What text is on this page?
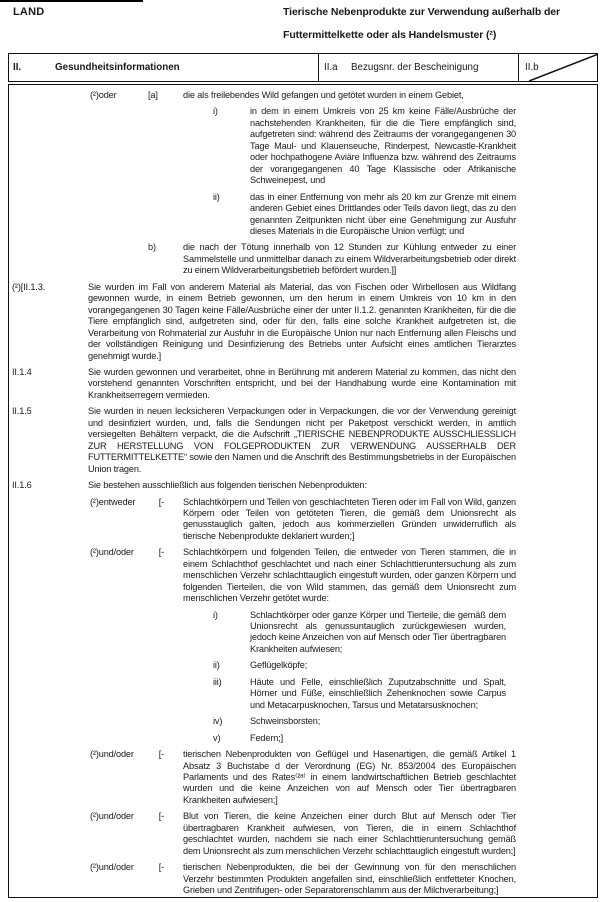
LAND	Tierische Nebenprodukte zur Verwendung außerhalb der
Futtermittelkette oder als Handelsmuster (²)
II.	Gesundheitsinformationen	II.a	Bezugsnr. der Bescheinigung	II.b
(²)oder	[a]	die als freilebendes Wild gefangen und getötet wurden in einem Gebiet,
i)	in dem in einem Umkreis von 25 km keine Fälle/Ausbrüche der nachstehenden Krankheiten, für die die Tiere empfänglich sind, aufgetreten sind: während des Zeitraums der vorangegangenen 30 Tage Maul- und Klauenseuche, Rinderpest, Newcastle-Krankheit oder hochpathogene Aviäre Influenza bzw. während des Zeitraums der vorangegangenen 40 Tage Klassische oder Afrikanische Schweinepest, und
ii)	das in einer Entfernung von mehr als 20 km zur Grenze mit einem anderen Gebiet eines Drittlandes oder Teils davon liegt, das zu den genannten Zeitpunkten nicht über eine Genehmigung zur Ausfuhr dieses Materials in die Europäische Union verfügt; und
b)	die nach der Tötung innerhalb von 12 Stunden zur Kühlung entweder zu einer Sammelstelle und unmittelbar danach zu einem Wildverarbeitungsbetrieb oder direkt zu einem Wildverarbeitungsbetrieb befördert wurden.]]
(²)[II.1.3.	Sie wurden im Fall von anderem Material als Material, das von Fischen oder Wirbellosen aus Wildfang gewonnen wurde, in einem Betrieb gewonnen, um den herum in einem Umkreis von 10 km in den vorangegangenen 30 Tagen keine Fälle/Ausbrüche einer der unter II.1.2. genannten Krankheiten, für die die Tiere empfänglich sind, aufgetreten sind, oder für den, falls eine solche Krankheit aufgetreten ist, die Verarbeitung von Rohmaterial zur Ausfuhr in die Europäische Union nur nach Entfernung allen Fleischs und der vollständigen Reinigung und Desinfizierung des Betriebs unter Aufsicht eines amtlichen Tierarztes genehmigt wurde.]
II.1.4	Sie wurden gewonnen und verarbeitet, ohne in Berührung mit anderem Material zu kommen, das nicht den vorstehend genannten Vorschriften entspricht, und bei der Handhabung wurde eine Kontamination mit Krankheitserregern vermieden.
II.1.5	Sie wurden in neuen lecksicheren Verpackungen oder in Verpackungen, die vor der Verwendung gereinigt und desinfiziert wurden, und, falls die Sendungen nicht per Paketpost verschickt werden, in amtlich versiegelten Behältern verpackt, die die Aufschrift „TIERISCHE NEBENPRODUKTE AUSSCHLIESSLICH ZUR HERSTELLUNG VON FOLGEPRODUKTEN ZUR VERWENDUNG AUSSERHALB DER FUTTERMITTELKETTE“ sowie den Namen und die Anschrift des Bestimmungsbetriebs in der Europäischen Union tragen.
II.1.6	Sie bestehen ausschließlich aus folgenden tierischen Nebenprodukten:
(²)entweder	[- Schlachtkörpern und Teilen von geschlachteten Tieren oder im Fall von Wild, ganzen Körpern oder Teilen von getöteten Tieren, die gemäß dem Unionsrecht als genusstauglich galten, jedoch aus kommerziellen Gründen unwiderruflich als tierische Nebenprodukte deklariert wurden;]
(²)und/oder	[- Schlachtkörpern und folgenden Teilen, die entweder von Tieren stammen, die in einem Schlachthof geschlachtet und nach einer Schlachttieruntersuchung als zum menschlichen Verzehr schlachttauglich eingestuft wurden, oder ganzen Körpern und folgenden Tierteilen, die von Wild stammen, das gemäß dem Unionsrecht zum menschlichen Verzehr getötet wurde:
i)	Schlachtkörper oder ganze Körper und Tierteile, die gemäß dem Unionsrecht als genussuntauglich zurückgewiesen wurden, jedoch keine Anzeichen von auf Mensch oder Tier übertragbaren Krankheiten aufwiesen;
ii)	Geflügelköpfe;
iii)	Häute und Felle, einschließlich Zuputzabschnitte und Spalt, Hörner und Füße, einschließlich Zehenknochen sowie Carpus und Metacarpusknochen, Tarsus und Metatarsusknochen;
iv)	Schweinsborsten;
v)	Federn;]
(²)und/oder	[- tierischen Nebenprodukten von Geflügel und Hasenartigen, die gemäß Artikel 1 Absatz 3 Buchstabe d der Verordnung (EG) Nr. 853/2004 des Europäischen Parlaments und des Rates⁽²ᵃ⁾ in einem landwirtschaftlichen Betrieb geschlachtet wurden und die keine Anzeichen von auf Mensch oder Tier übertragbaren Krankheiten aufwiesen;]
(²)und/oder	[- Blut von Tieren, die keine Anzeichen einer durch Blut auf Mensch oder Tier übertragbaren Krankheit aufwiesen, von Tieren, die in einem Schlachthof geschlachtet wurden, nachdem sie nach einer Schlachttieruntersuchung gemäß dem Unionsrecht als zum menschlichen Verzehr schlachttauglich eingestuft wurden;]
(²)und/oder	[- tierischen Nebenprodukten, die bei der Gewinnung von für den menschlichen Verzehr bestimmten Produkten angefallen sind, einschließlich entfetteter Knochen, Grieben und Zentrifugen- oder Separatorenschlamm aus der Milchverarbeitung;]
